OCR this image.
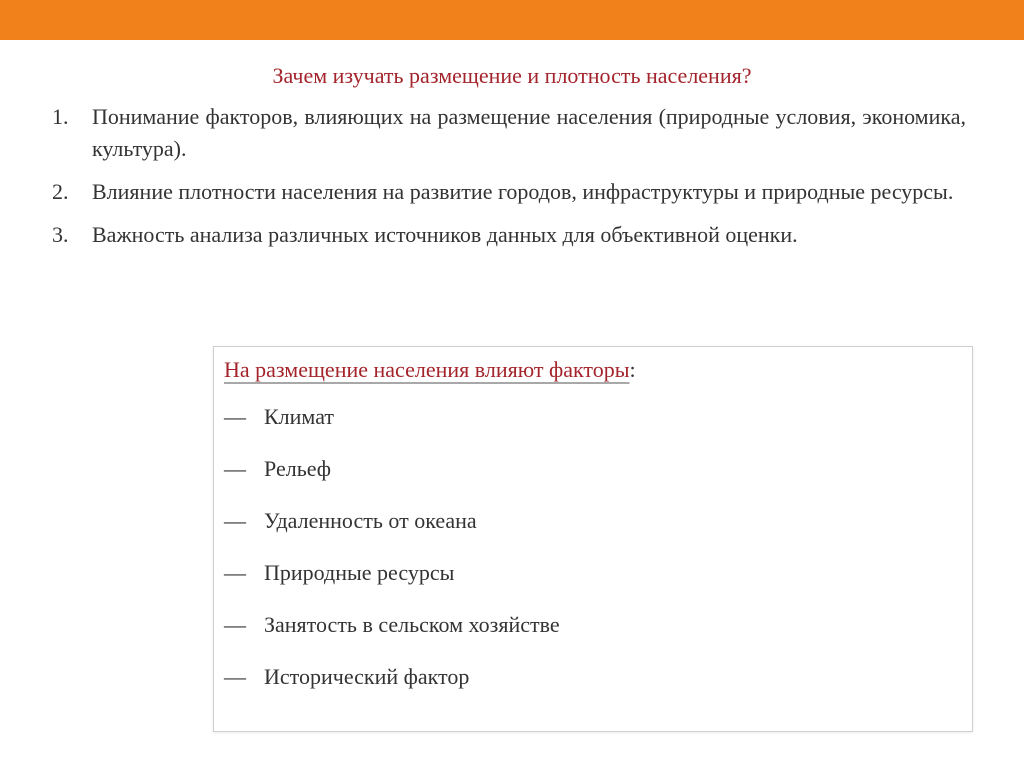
Зачем изучать размещение и плотность населения?
1. Понимание факторов, влияющих на размещение населения (природные условия, экономика, культура).
2. Влияние плотности населения на развитие городов, инфраструктуры и природные ресурсы.
3. Важность анализа различных источников данных для объективной оценки.
На размещение населения влияют факторы:
— Климат
— Рельеф
— Удаленность от океана
— Природные ресурсы
— Занятость в сельском хозяйстве
— Исторический фактор
